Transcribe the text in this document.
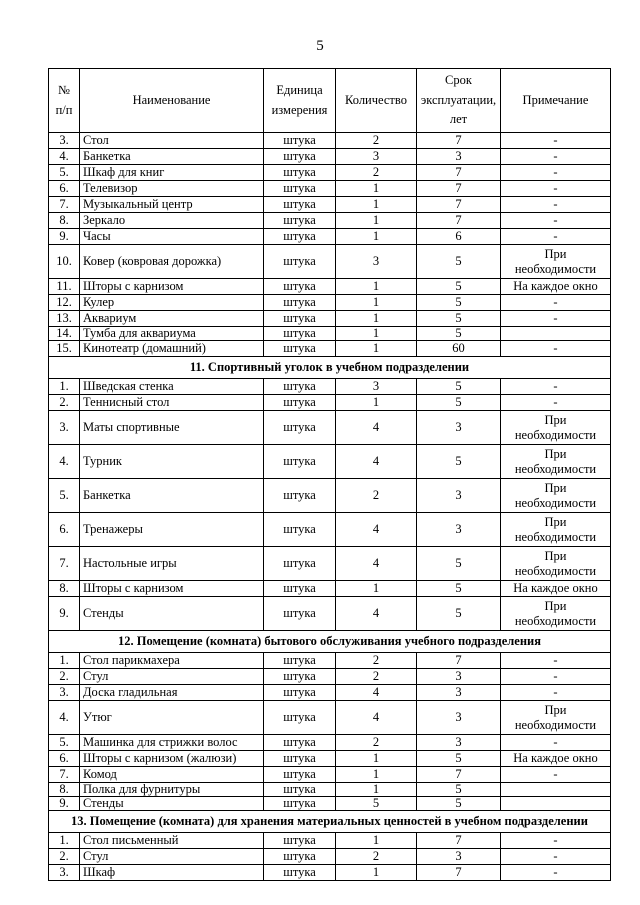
5
№ п/п	Наименование	Единица измерения	Количество	Срок эксплуатации, лет	Примечание
3.	Стол	штука	2	7	-
4.	Банкетка	штука	3	3	-
5.	Шкаф для книг	штука	2	7	-
6.	Телевизор	штука	1	7	-
7.	Музыкальный центр	штука	1	7	-
8.	Зеркало	штука	1	7	-
9.	Часы	штука	1	6	-
10.	Ковер (ковровая дорожка)	штука	3	5	При необходимости
11.	Шторы с карнизом	штука	1	5	На каждое окно
12.	Кулер	штука	1	5	-
13.	Аквариум	штука	1	5	-
14.	Тумба для аквариума	штука	1	5	
15.	Кинотеатр (домашний)	штука	1	60	-
11. Спортивный уголок в учебном подразделении					
1.	Шведская стенка	штука	3	5	-
2.	Теннисный стол	штука	1	5	-
3.	Маты спортивные	штука	4	3	При необходимости
4.	Турник	штука	4	5	При необходимости
5.	Банкетка	штука	2	3	При необходимости
6.	Тренажеры	штука	4	3	При необходимости
7.	Настольные игры	штука	4	5	При необходимости
8.	Шторы с карнизом	штука	1	5	На каждое окно
9.	Стенды	штука	4	5	При необходимости
12. Помещение (комната) бытового обслуживания учебного подразделения					
1.	Стол парикмахера	штука	2	7	-
2.	Стул	штука	2	3	-
3.	Доска гладильная	штука	4	3	-
4.	Утюг	штука	4	3	При необходимости
5.	Машинка для стрижки волос	штука	2	3	-
6.	Шторы с карнизом (жалюзи)	штука	1	5	На каждое окно
7.	Комод	штука	1	7	-
8.	Полка для фурнитуры	штука	1	5	
9.	Стенды	штука	5	5	
13. Помещение (комната) для хранения материальных ценностей в учебном подразделении					
1.	Стол письменный	штука	1	7	-
2.	Стул	штука	2	3	-
3.	Шкаф	штука	1	7	-
